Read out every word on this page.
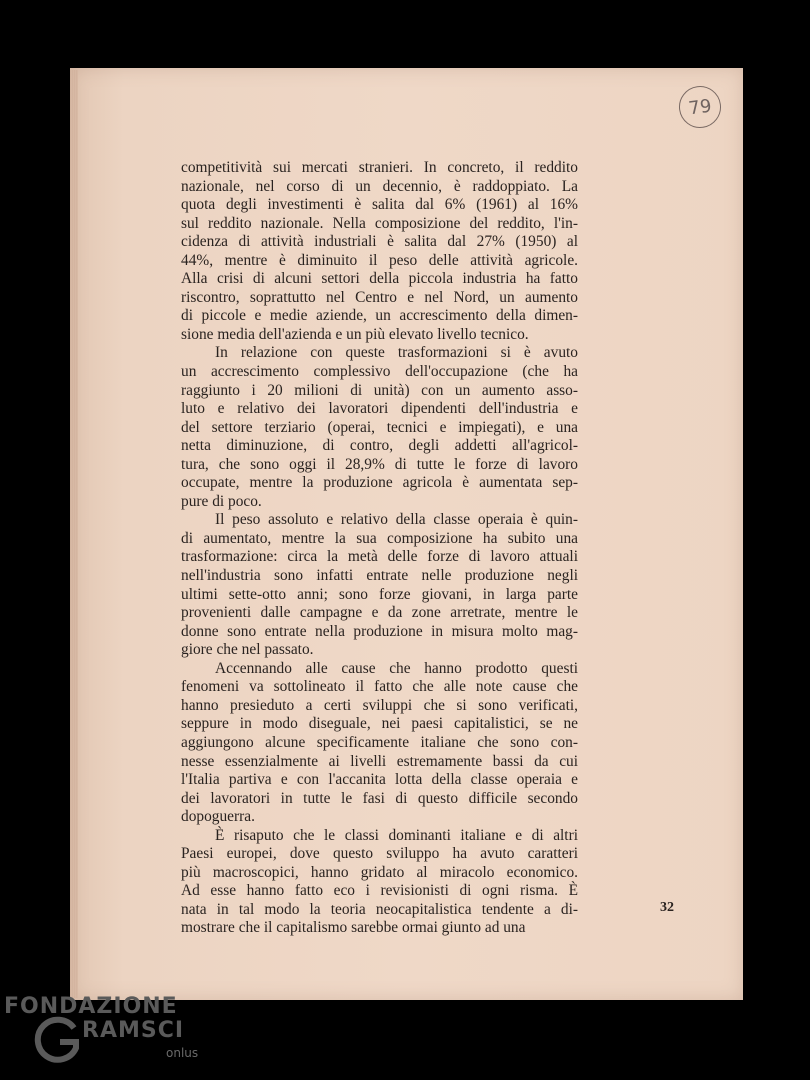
79

competitività sui mercati stranieri. In concreto, il reddito
nazionale, nel corso di un decennio, è raddoppiato. La
quota degli investimenti è salita dal 6% (1961) al 16%
sul reddito nazionale. Nella composizione del reddito, l'in-
cidenza di attività industriali è salita dal 27% (1950) al
44%, mentre è diminuito il peso delle attività agricole.
Alla crisi di alcuni settori della piccola industria ha fatto
riscontro, soprattutto nel Centro e nel Nord, un aumento
di piccole e medie aziende, un accrescimento della dimen-
sione media dell'azienda e un più elevato livello tecnico.

In relazione con queste trasformazioni si è avuto
un accrescimento complessivo dell'occupazione (che ha
raggiunto i 20 milioni di unità) con un aumento asso-
luto e relativo dei lavoratori dipendenti dell'industria e
del settore terziario (operai, tecnici e impiegati), e una
netta diminuzione, di contro, degli addetti all'agricol-
tura, che sono oggi il 28,9% di tutte le forze di lavoro
occupate, mentre la produzione agricola è aumentata sep-
pure di poco.

Il peso assoluto e relativo della classe operaia è quin-
di aumentato, mentre la sua composizione ha subito una
trasformazione: circa la metà delle forze di lavoro attuali
nell'industria sono infatti entrate nelle produzione negli
ultimi sette-otto anni; sono forze giovani, in larga parte
provenienti dalle campagne e da zone arretrate, mentre le
donne sono entrate nella produzione in misura molto mag-
giore che nel passato.

Accennando alle cause che hanno prodotto questi
fenomeni va sottolineato il fatto che alle note cause che
hanno presieduto a certi sviluppi che si sono verificati,
seppure in modo diseguale, nei paesi capitalistici, se ne
aggiungono alcune specificamente italiane che sono con-
nesse essenzialmente ai livelli estremamente bassi da cui
l'Italia partiva e con l'accanita lotta della classe operaia e
dei lavoratori in tutte le fasi di questo difficile secondo
dopoguerra.

È risaputo che le classi dominanti italiane e di altri
Paesi europei, dove questo sviluppo ha avuto caratteri
più macroscopici, hanno gridato al miracolo economico.
Ad esse hanno fatto eco i revisionisti di ogni risma. È
nata in tal modo la teoria neocapitalistica tendente a di-
mostrare che il capitalismo sarebbe ormai giunto ad una

32
FONDAZIONE
RAMSCI
onlus
